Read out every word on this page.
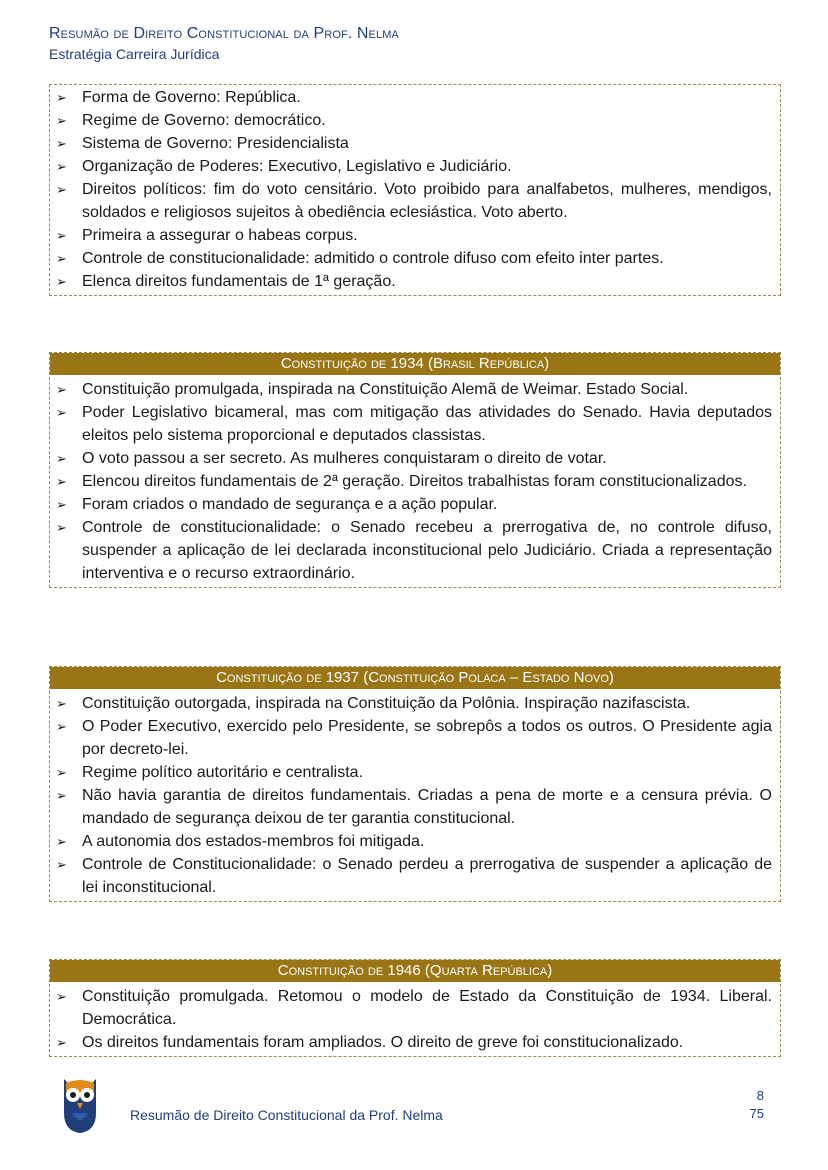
Resumão de Direito Constitucional da Prof. Nelma
Estratégia Carreira Jurídica
➢ Forma de Governo: República.
➢ Regime de Governo: democrático.
➢ Sistema de Governo: Presidencialista
➢ Organização de Poderes: Executivo, Legislativo e Judiciário.
➢ Direitos políticos: fim do voto censitário. Voto proibido para analfabetos, mulheres, mendigos, soldados e religiosos sujeitos à obediência eclesiástica. Voto aberto.
➢ Primeira a assegurar o habeas corpus.
➢ Controle de constitucionalidade: admitido o controle difuso com efeito inter partes.
➢ Elenca direitos fundamentais de 1ª geração.
Constituição de 1934 (Brasil República)
➢ Constituição promulgada, inspirada na Constituição Alemã de Weimar. Estado Social.
➢ Poder Legislativo bicameral, mas com mitigação das atividades do Senado. Havia deputados eleitos pelo sistema proporcional e deputados classistas.
➢ O voto passou a ser secreto. As mulheres conquistaram o direito de votar.
➢ Elencou direitos fundamentais de 2ª geração. Direitos trabalhistas foram constitucionalizados.
➢ Foram criados o mandado de segurança e a ação popular.
➢ Controle de constitucionalidade: o Senado recebeu a prerrogativa de, no controle difuso, suspender a aplicação de lei declarada inconstitucional pelo Judiciário. Criada a representação interventiva e o recurso extraordinário.
Constituição de 1937 (Constituição Polaca – Estado Novo)
➢ Constituição outorgada, inspirada na Constituição da Polônia. Inspiração nazifascista.
➢ O Poder Executivo, exercido pelo Presidente, se sobrepôs a todos os outros. O Presidente agia por decreto-lei.
➢ Regime político autoritário e centralista.
➢ Não havia garantia de direitos fundamentais. Criadas a pena de morte e a censura prévia. O mandado de segurança deixou de ter garantia constitucional.
➢ A autonomia dos estados-membros foi mitigada.
➢ Controle de Constitucionalidade: o Senado perdeu a prerrogativa de suspender a aplicação de lei inconstitucional.
Constituição de 1946 (Quarta República)
➢ Constituição promulgada. Retomou o modelo de Estado da Constituição de 1934. Liberal. Democrática.
➢ Os direitos fundamentais foram ampliados. O direito de greve foi constitucionalizado.
Resumão de Direito Constitucional da Prof. Nelma
8
75
